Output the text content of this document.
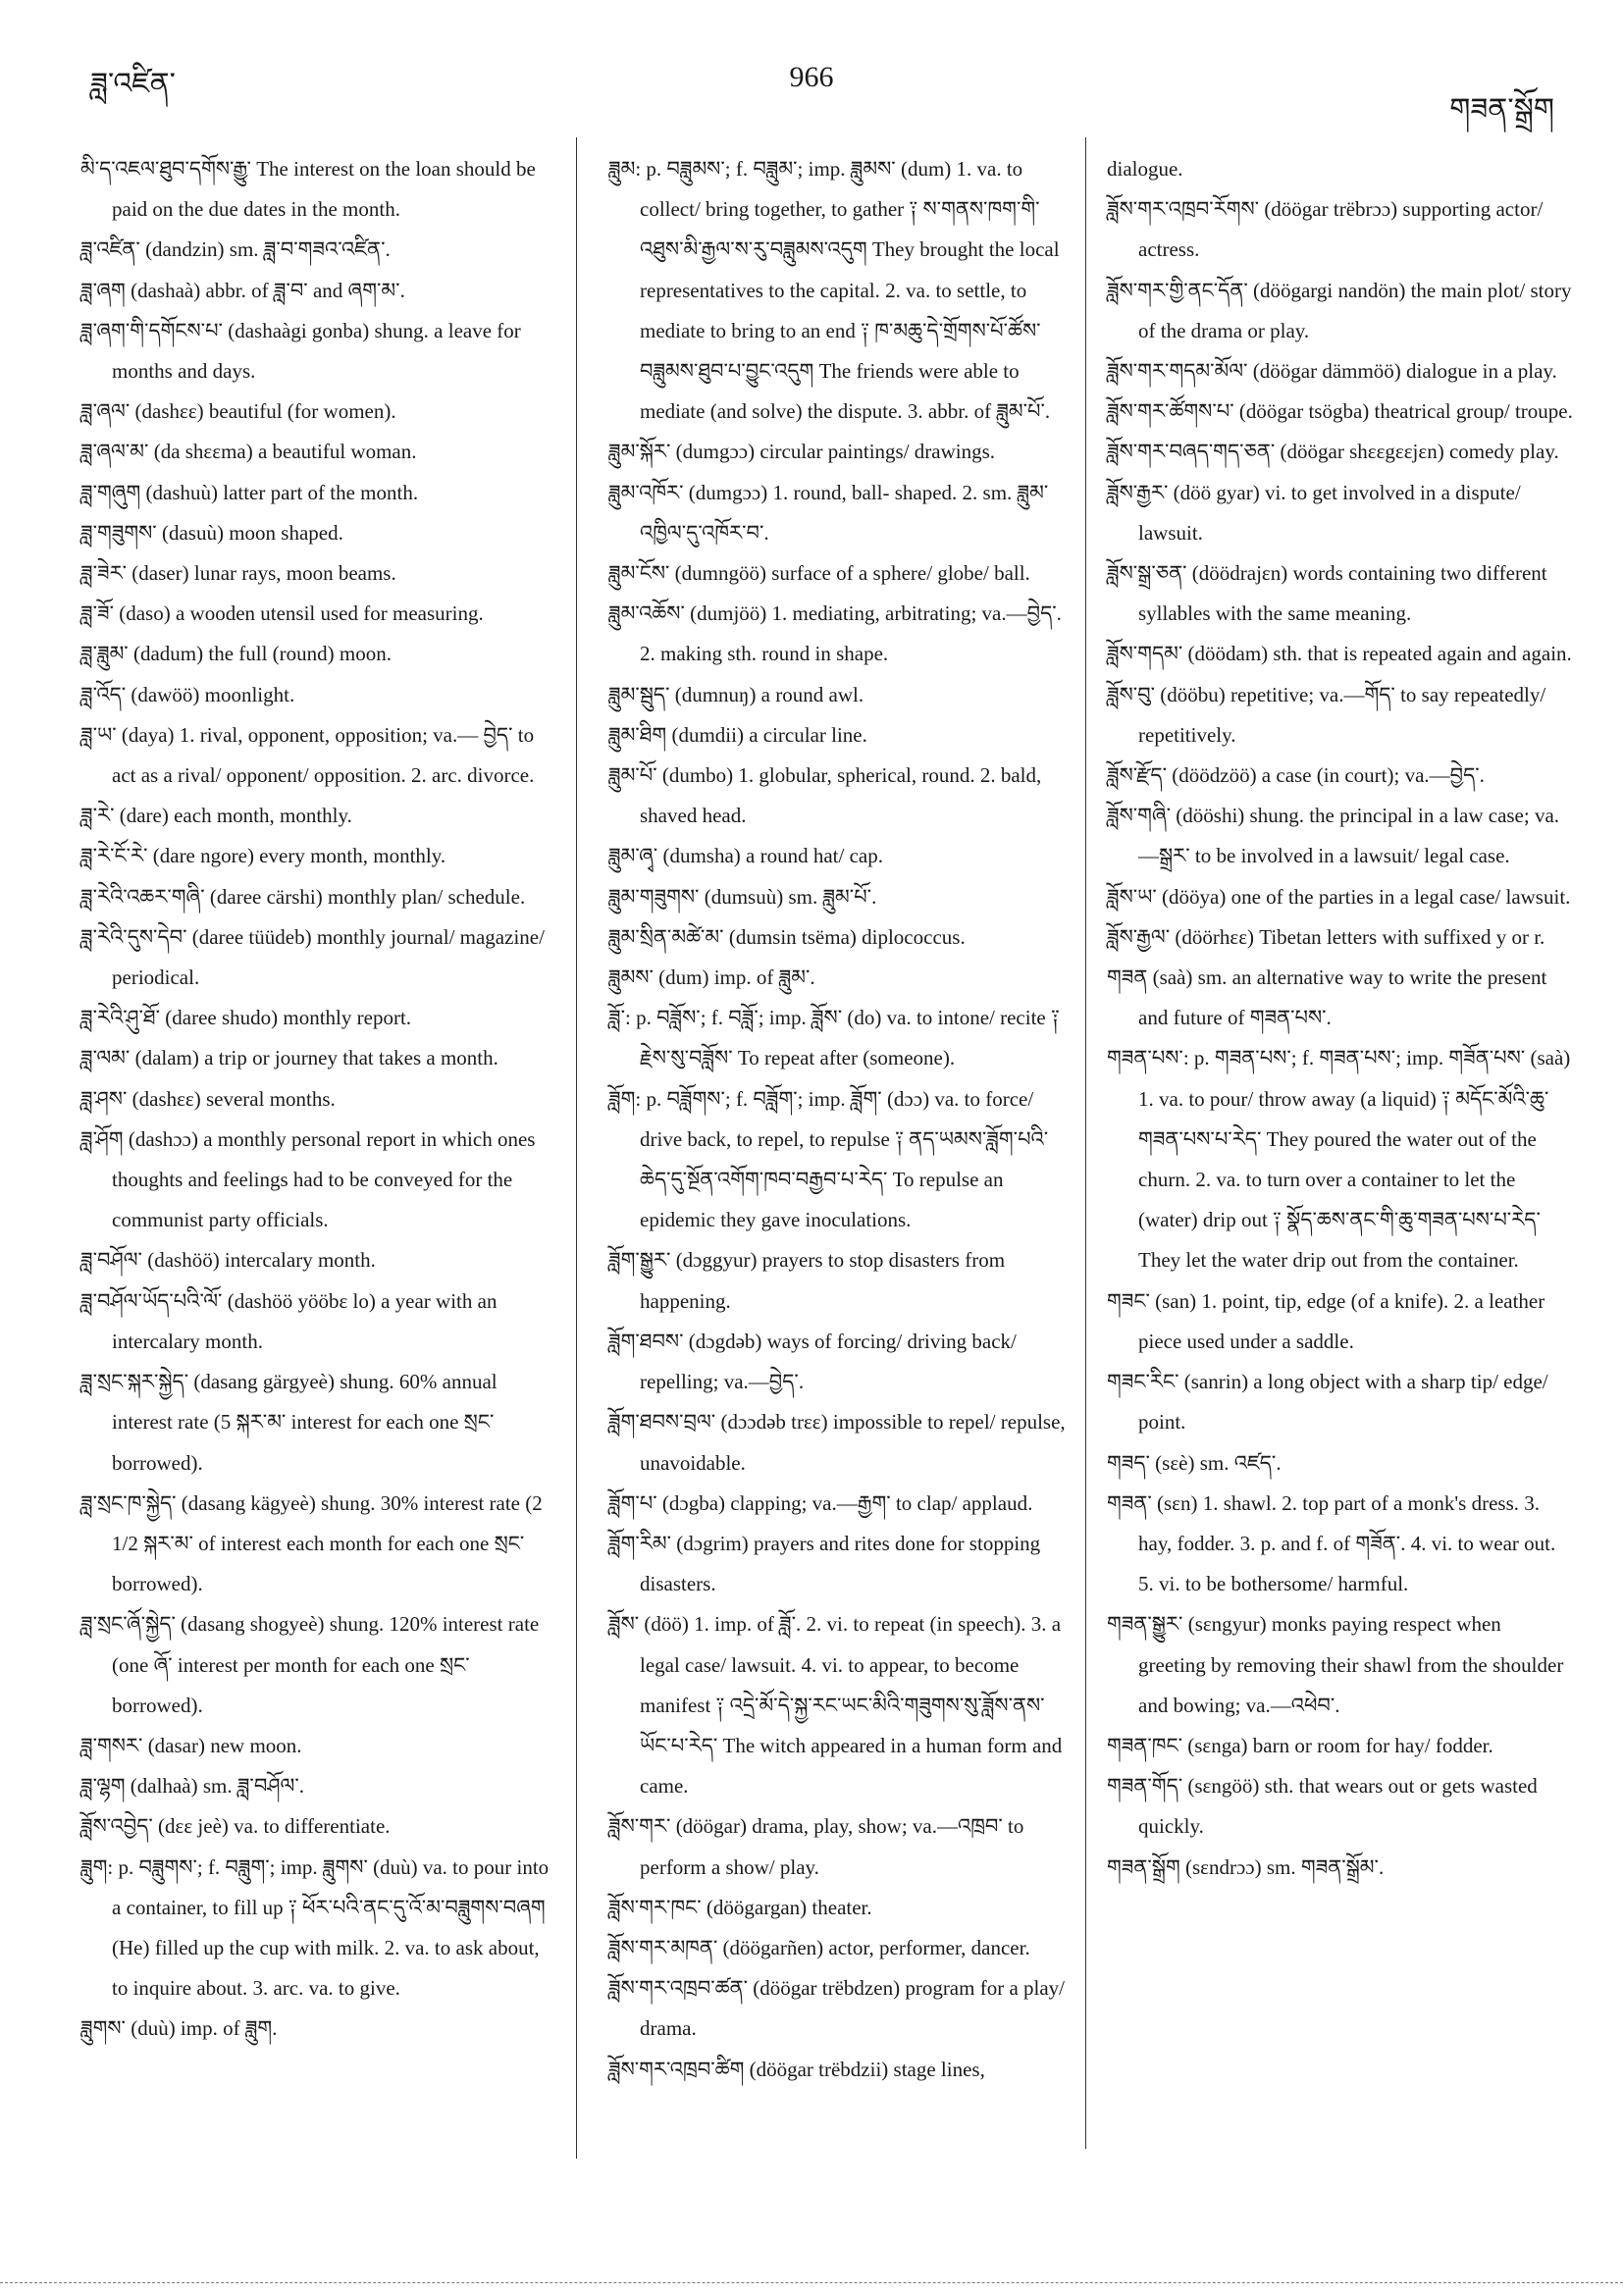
ཟླ་འཛིན་	966
གཟན་སྒྲོག

མི་ད་འཇལ་ཐུབ་དགོས་རྒྱུ་ The interest on the loan should be paid on the due dates in the month.

ཟླ་འཛིན་ (dandzin) sm. ཟླ་བ་གཟའ་འཛིན་.

ཟླ་ཞག (dashaà) abbr. of ཟླ་བ་ and ཞག་མ་.

ཟླ་ཞག་གི་དགོངས་པ་ (dashaàgi gonba) shung. a leave for months and days.

ཟླ་ཞལ་ (dashɛɛ) beautiful (for women).

ཟླ་ཞལ་མ་ (da shɛɛma) a beautiful woman.

ཟླ་གཞུག (dashuù) latter part of the month.

ཟླ་གཟུགས་ (dasuù) moon shaped.

ཟླ་ཟེར་ (daser) lunar rays, moon beams.

ཟླ་ཟོ་ (daso) a wooden utensil used for measuring.

ཟླ་ཟླུམ་ (dadum) the full (round) moon.

ཟླ་འོད་ (dawöö) moonlight.

ཟླ་ཡ་ (daya) 1. rival, opponent, opposition; va.— བྱེད་ to act as a rival/ opponent/ opposition. 2. arc. divorce.

ཟླ་རེ་ (dare) each month, monthly.

ཟླ་རེ་ངོ་རེ་ (dare ngore) every month, monthly.

ཟླ་རེའི་འཆར་གཞི་ (daree cärshi) monthly plan/ schedule.

ཟླ་རེའི་དུས་དེབ་ (daree tüüdeb) monthly journal/ magazine/ periodical.

ཟླ་རེའི་ཤུ་ཐོ་ (daree shudo) monthly report.

ཟླ་ལམ་ (dalam) a trip or journey that takes a month.

ཟླ་ཤས་ (dashɛɛ) several months.

ཟླ་ཤོག (dashɔɔ) a monthly personal report in which ones thoughts and feelings had to be conveyed for the communist party officials.

ཟླ་བཤོལ་ (dashöö) intercalary month.

ཟླ་བཤོལ་ཡོད་པའི་ལོ་ (dashöö yööbɛ lo) a year with an intercalary month.

ཟླ་སྲང་སྐར་སྐྱེད་ (dasang gärgyeè) shung. 60% annual interest rate (5 སྐར་མ་ interest for each one སྲང་ borrowed).

ཟླ་སྲང་ཁ་སྐྱེད་ (dasang kägyeè) shung. 30% interest rate (2 1/2 སྐར་མ་ of interest each month for each one སྲང་ borrowed).

ཟླ་སྲང་ཞོ་སྐྱེད་ (dasang shogyeè) shung. 120% interest rate (one ཞོ་ interest per month for each one སྲང་ borrowed).

ཟླ་གསར་ (dasar) new moon.

ཟླ་ལྷག (dalhaà) sm. ཟླ་བཤོལ་.

ཟློས་འབྱེད་ (dɛɛ jeè) va. to differentiate.

ཟླུག: p. བཟླུགས་; f. བཟླུག་; imp. ཟླུགས་ (duù) va. to pour into a container, to fill up ༑ ཕོར་པའི་ནང་དུ་འོ་མ་བཟླུགས་བཞག (He) filled up the cup with milk. 2. va. to ask about, to inquire about. 3. arc. va. to give.

ཟླུགས་ (duù) imp. of ཟླུག.

ཟླུམ: p. བཟླུམས་; f. བཟླུམ་; imp. ཟླུམས་ (dum) 1. va. to collect/ bring together, to gather ༑ ས་གནས་ཁག་གི་འཐུས་མི་རྒྱལ་ས་རུ་བཟླུམས་འདུག They brought the local representatives to the capital. 2. va. to settle, to mediate to bring to an end ༑ ཁ་མཆུ་དེ་གྲོགས་པོ་ཚོས་བཟླུམས་ཐུབ་པ་བྱུང་འདུག The friends were able to mediate (and solve) the dispute. 3. abbr. of ཟླུམ་པོ་.

ཟླུམ་སྐོར་ (dumgɔɔ) circular paintings/ drawings.

ཟླུམ་འཁོར་ (dumgɔɔ) 1. round, ball- shaped. 2. sm. ཟླུམ་འཁྱིལ་དུ་འཁོར་བ་.

ཟླུམ་ངོས་ (dumngöö) surface of a sphere/ globe/ ball.

ཟླུམ་འཆོས་ (dumjöö) 1. mediating, arbitrating; va.—བྱེད་. 2. making sth. round in shape.

ཟླུམ་སྦུད་ (dumnuŋ) a round awl.

ཟླུམ་ཐིག (dumdii) a circular line.

ཟླུམ་པོ་ (dumbo) 1. globular, spherical, round. 2. bald, shaved head.

ཟླུམ་ཞྭ་ (dumsha) a round hat/ cap.

ཟླུམ་གཟུགས་ (dumsuù) sm. ཟླུམ་པོ་.

ཟླུམ་སྲིན་མཚེ་མ་ (dumsin tsëma) diplococcus.

ཟླུམས་ (dum) imp. of ཟླུམ་.

ཟློ་: p. བཟློས་; f. བཟློ་; imp. ཟློས་ (do) va. to intone/ recite ༑ རྗེས་སུ་བཟློས་ To repeat after (someone).

ཟློག: p. བཟློགས་; f. བཟློག་; imp. ཟློག་ (dɔɔ) va. to force/ drive back, to repel, to repulse ༑ ནད་ཡམས་ཟློག་པའི་ཆེད་དུ་སྔོན་འགོག་ཁབ་བརྒྱབ་པ་རེད་ To repulse an epidemic they gave inoculations.

ཟློག་སྒྱུར་ (dɔggyur) prayers to stop disasters from happening.

ཟློག་ཐབས་ (dɔgdəb) ways of forcing/ driving back/ repelling; va.—བྱེད་.

ཟློག་ཐབས་བྲལ་ (dɔɔdəb trɛɛ) impossible to repel/ repulse, unavoidable.

ཟློག་པ་ (dɔgba) clapping; va.—རྒྱག་ to clap/ applaud.

ཟློག་རིམ་ (dɔgrim) prayers and rites done for stopping disasters.

ཟློས་ (döö) 1. imp. of ཟློ་. 2. vi. to repeat (in speech). 3. a legal case/ lawsuit. 4. vi. to appear, to become manifest ༑ འདྲེ་མོ་དེ་སྐྱ་རང་ཡང་མིའི་གཟུགས་སུ་ཟློས་ནས་ཡོང་པ་རེད་ The witch appeared in a human form and came.

ཟློས་གར་ (döögar) drama, play, show; va.—འཁྲབ་ to perform a show/ play.

ཟློས་གར་ཁང་ (döögargan) theater.

ཟློས་གར་མཁན་ (döögarñen) actor, performer, dancer.

ཟློས་གར་འཁྲབ་ཚན་ (döögar trëbdzen) program for a play/ drama.

ཟློས་གར་འཁྲབ་ཚིག (döögar trëbdzii) stage lines,

dialogue.

ཟློས་གར་འཁྲབ་རོགས་ (döögar trëbrɔɔ) supporting actor/ actress.

ཟློས་གར་གྱི་ནང་དོན་ (döögargi nandön) the main plot/ story of the drama or play.

ཟློས་གར་གདམ་མོལ་ (döögar dämmöö) dialogue in a play.

ཟློས་གར་ཚོགས་པ་ (döögar tsögba) theatrical group/ troupe.

ཟློས་གར་བཞད་གད་ཅན་ (döögar shɛɛgɛɛjɛn) comedy play.

ཟློས་རྒྱར་ (döö gyar) vi. to get involved in a dispute/ lawsuit.

ཟློས་སྒྲ་ཅན་ (döödrajɛn) words containing two different syllables with the same meaning.

ཟློས་གདམ་ (döödam) sth. that is repeated again and again.

ཟློས་བུ་ (dööbu) repetitive; va.—གོད་ to say repeatedly/ repetitively.

ཟློས་རྫོད་ (döödzöö) a case (in court); va.—བྱེད་.

ཟློས་གཞི་ (dööshi) shung. the principal in a law case; va.—སྒྲར་ to be involved in a lawsuit/ legal case.

ཟློས་ཡ་ (dööya) one of the parties in a legal case/ lawsuit.

ཟློས་རྒྱལ་ (döörhɛɛ) Tibetan letters with suffixed y or r.

གཟན (saà) sm. an alternative way to write the present and future of གཟན་པས་.

གཟན་པས་: p. གཟན་པས་; f. གཟན་པས་; imp. གཟོན་པས་ (saà) 1. va. to pour/ throw away (a liquid) ༑ མདོང་མོའི་ཆུ་གཟན་པས་པ་རེད་ They poured the water out of the churn. 2. va. to turn over a container to let the (water) drip out ༑ སྣོད་ཆས་ནང་གི་ཆུ་གཟན་པས་པ་རེད་ They let the water drip out from the container.

གཟང་ (san) 1. point, tip, edge (of a knife). 2. a leather piece used under a saddle.

གཟང་རིང་ (sanrin) a long object with a sharp tip/ edge/ point.

གཟད་ (sɛè) sm. འཛད་.

གཟན་ (sɛn) 1. shawl. 2. top part of a monk's dress. 3. hay, fodder. 3. p. and f. of གཟོན་. 4. vi. to wear out. 5. vi. to be bothersome/ harmful.

གཟན་སྒྱུར་ (sɛngyur) monks paying respect when greeting by removing their shawl from the shoulder and bowing; va.—འཕེབ་.

གཟན་ཁང་ (sɛnga) barn or room for hay/ fodder.

གཟན་གོད་ (sɛngöö) sth. that wears out or gets wasted quickly.

གཟན་སྒྲོག (sɛndrɔɔ) sm. གཟན་སྒྲོམ་.
